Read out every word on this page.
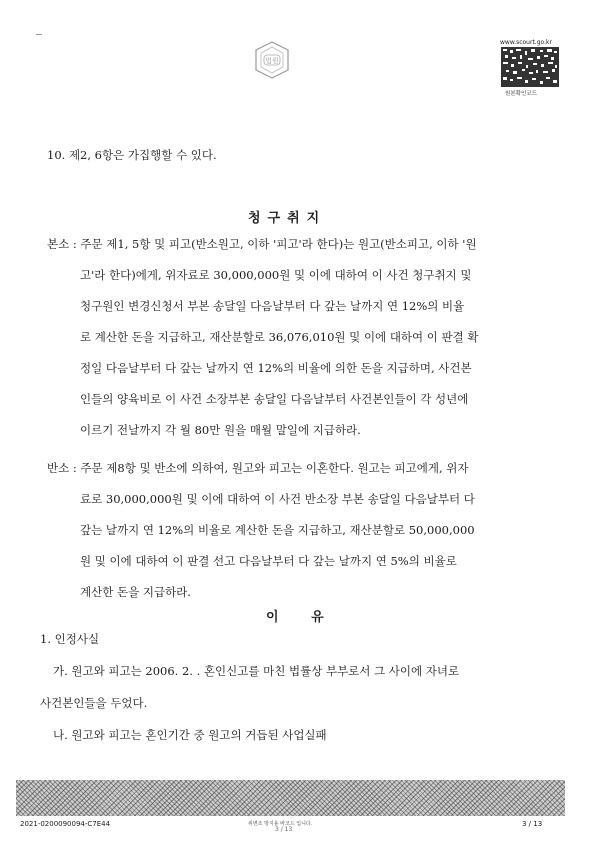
법원
www.scourt.go.kr
원본확인코드
10. 제2, 6항은 가집행할 수 있다.
청구취지
본소 : 주문 제1, 5항 및 피고(반소원고, 이하 '피고'라 한다)는 원고(반소피고, 이하 '원
고'라 한다)에게, 위자료로 30,000,000원 및 이에 대하여 이 사건 청구취지 및
청구원인 변경신청서 부본 송달일 다음날부터 다 갚는 날까지 연 12%의 비율
로 계산한 돈을 지급하고, 재산분할로 36,076,010원 및 이에 대하여 이 판결 확
정일 다음날부터 다 갚는 날까지 연 12%의 비율에 의한 돈을 지급하며, 사건본
인들의 양육비로 이 사건 소장부본 송달일 다음날부터 사건본인들이 각 성년에
이르기 전날까지 각 월 80만 원을 매월 말일에 지급하라.
반소 : 주문 제8항 및 반소에 의하여, 원고와 피고는 이혼한다. 원고는 피고에게, 위자
료로 30,000,000원 및 이에 대하여 이 사건 반소장 부본 송달일 다음날부터 다
갚는 날까지 연 12%의 비율로 계산한 돈을 지급하고, 재산분할로 50,000,000
원 및 이에 대하여 이 판결 선고 다음날부터 다 갚는 날까지 연 5%의 비율로
계산한 돈을 지급하라.
이 유
1. 인정사실
가. 원고와 피고는 2006. 2. . 혼인신고를 마친 법률상 부부로서 그 사이에 자녀로
사건본인들을 두었다.
나. 원고와 피고는 혼인기간 중 원고의 거듭된 사업실패
2021-0200090094-C7E44	위변조 방지용 바코드 입니다.
3 / 13
3 / 13
